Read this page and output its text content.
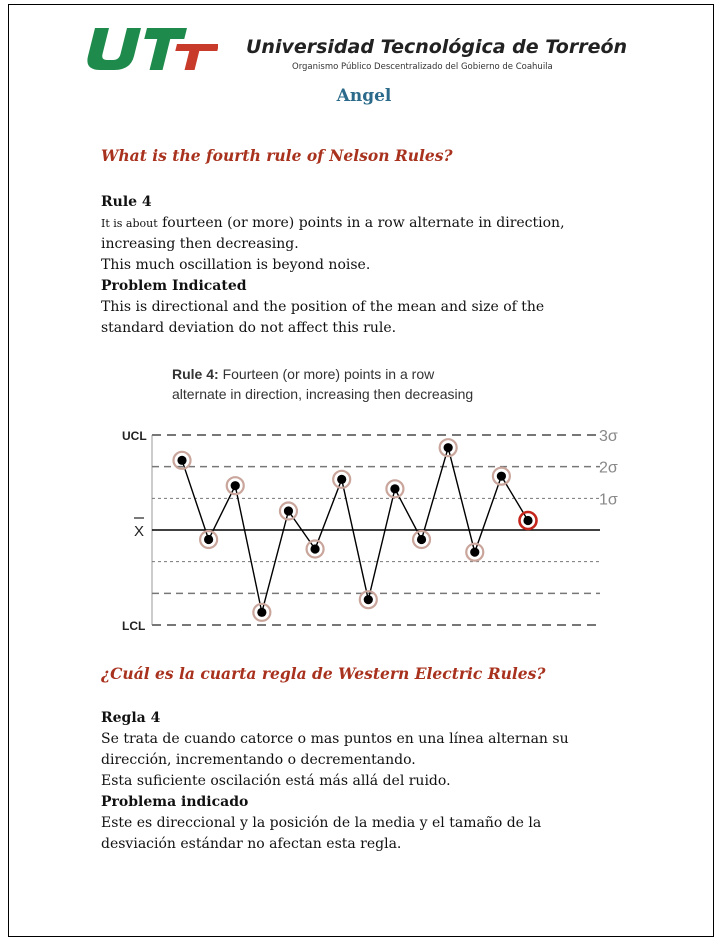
Universidad Tecnológica de Torreón
Organismo Público Descentralizado del Gobierno de Coahuila
Angel
What is the fourth rule of Nelson Rules?

Rule 4

It is about fourteen (or more) points in a row alternate in direction,

increasing then decreasing.

This much oscillation is beyond noise.

Problem Indicated

This is directional and the position of the mean and size of the

standard deviation do not affect this rule.

Rule 4: Fourteen (or more) points in a row
alternate in direction, increasing then decreasing
UCL
LCL
X
3σ
2σ
1σ
¿Cuál es la cuarta regla de Western Electric Rules?

Regla 4

Se trata de cuando catorce o mas puntos en una línea alternan su

dirección, incrementando o decrementando.

Esta suficiente oscilación está más allá del ruido.

Problema indicado

Este es direccional y la posición de la media y el tamaño de la

desviación estándar no afectan esta regla.
